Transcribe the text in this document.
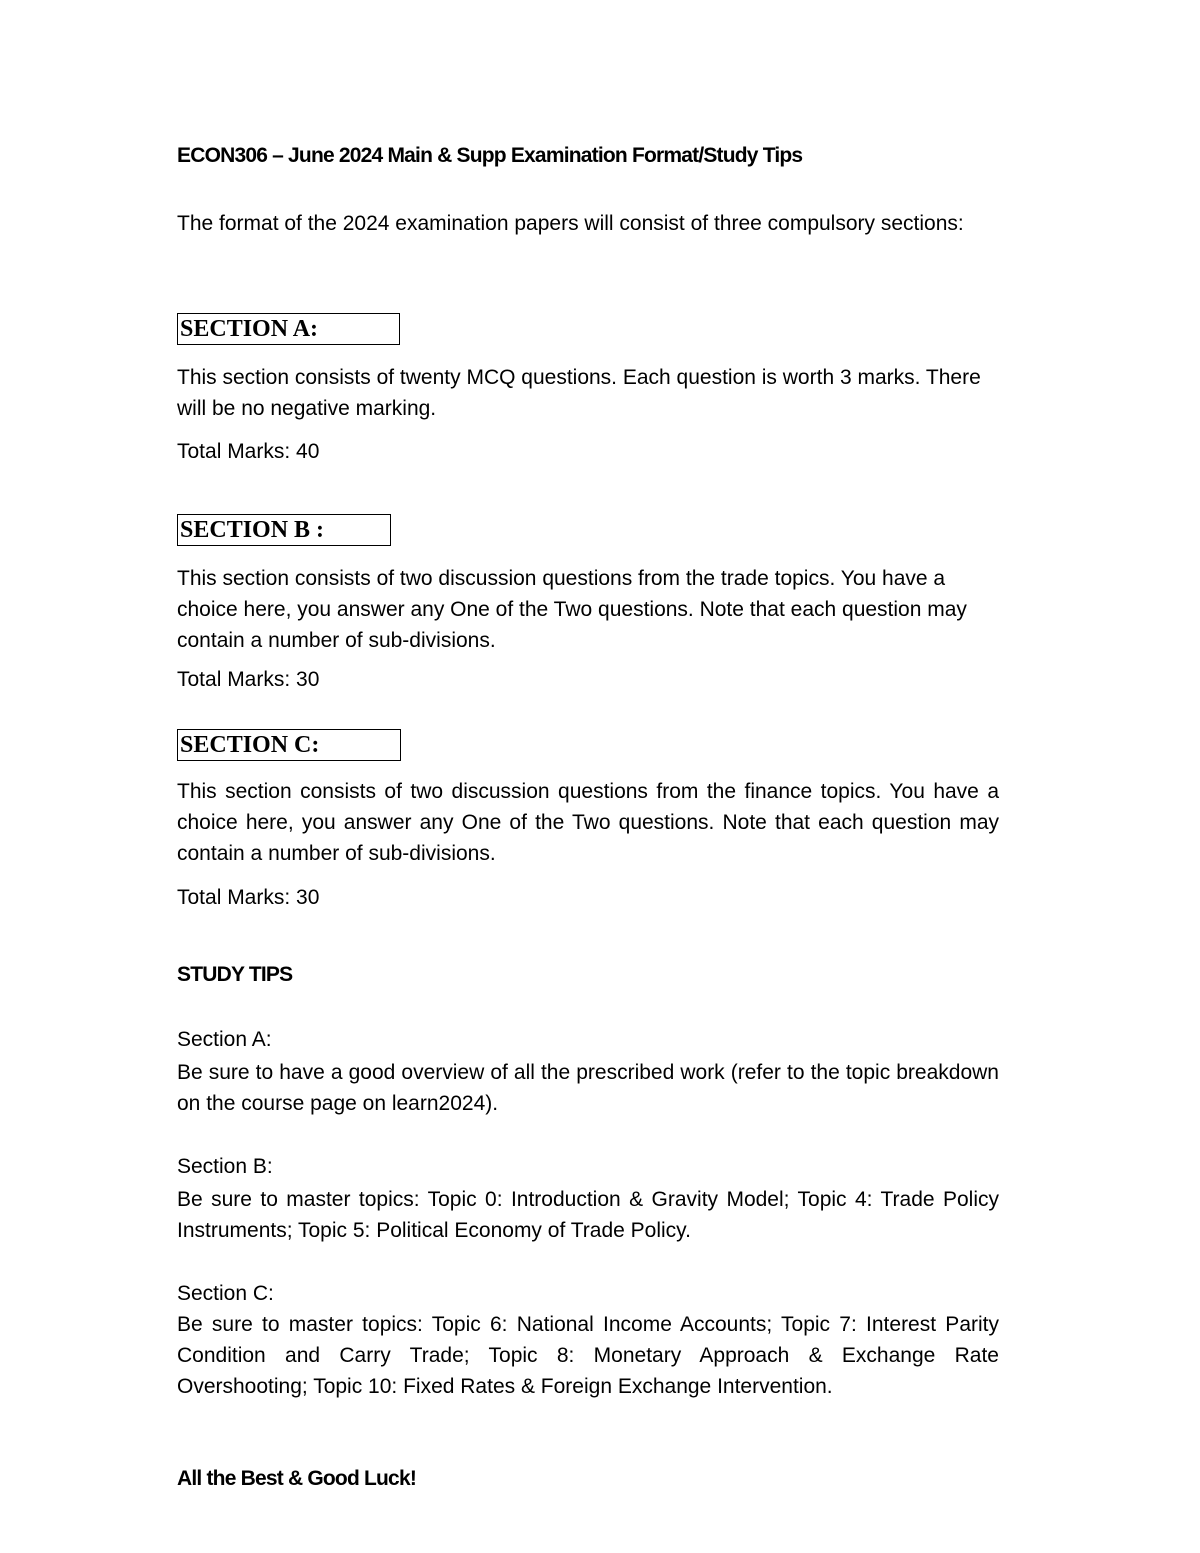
ECON306 – June 2024 Main & Supp Examination Format/Study Tips

The format of the 2024 examination papers will consist of three compulsory sections:

SECTION A:

This section consists of twenty MCQ questions. Each question is worth 3 marks. There will be no negative marking.

Total Marks: 40

SECTION B :

This section consists of two discussion questions from the trade topics. You have a choice here, you answer any One of the Two questions. Note that each question may contain a number of sub-divisions.

Total Marks: 30

SECTION C:

This section consists of two discussion questions from the finance topics. You have a choice here, you answer any One of the Two questions. Note that each question may contain a number of sub-divisions.

Total Marks: 30

STUDY TIPS

Section A:

Be sure to have a good overview of all the prescribed work (refer to the topic breakdown on the course page on learn2024).

Section B:

Be sure to master topics: Topic 0: Introduction & Gravity Model; Topic 4: Trade Policy Instruments; Topic 5: Political Economy of Trade Policy.

Section C:

Be sure to master topics: Topic 6: National Income Accounts; Topic 7: Interest Parity Condition and Carry Trade; Topic 8: Monetary Approach & Exchange Rate Overshooting; Topic 10: Fixed Rates & Foreign Exchange Intervention.

All the Best & Good Luck!
